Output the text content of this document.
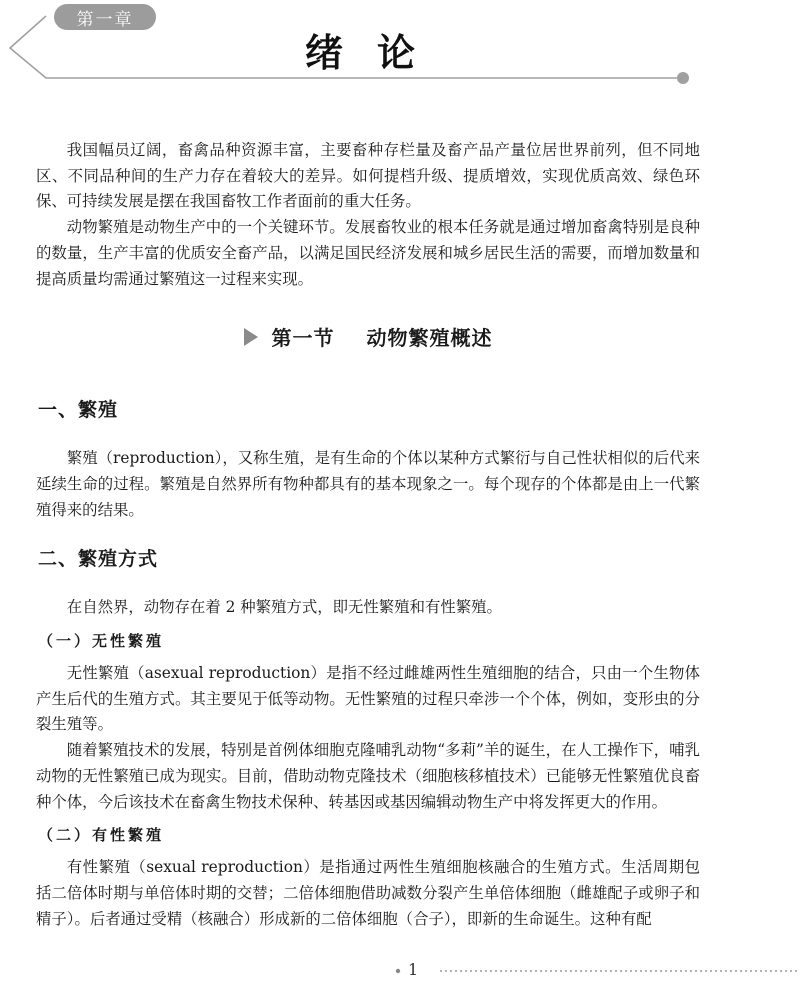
第一章
绪论

我国幅员辽阔，畜禽品种资源丰富，主要畜种存栏量及畜产品产量位居世界前列，但不同地区、不同品种间的生产力存在着较大的差异。如何提档升级、提质增效，实现优质高效、绿色环保、可持续发展是摆在我国畜牧工作者面前的重大任务。

动物繁殖是动物生产中的一个关键环节。发展畜牧业的根本任务就是通过增加畜禽特别是良种的数量，生产丰富的优质安全畜产品，以满足国民经济发展和城乡居民生活的需要，而增加数量和提高质量均需通过繁殖这一过程来实现。

第一节 动物繁殖概述
一、繁殖

繁殖（reproduction），又称生殖，是有生命的个体以某种方式繁衍与自己性状相似的后代来延续生命的过程。繁殖是自然界所有物种都具有的基本现象之一。每个现存的个体都是由上一代繁殖得来的结果。

二、繁殖方式

在自然界，动物存在着 2 种繁殖方式，即无性繁殖和有性繁殖。

（一）无性繁殖

无性繁殖（asexual reproduction）是指不经过雌雄两性生殖细胞的结合，只由一个生物体产生后代的生殖方式。其主要见于低等动物。无性繁殖的过程只牵涉一个个体，例如，变形虫的分裂生殖等。

随着繁殖技术的发展，特别是首例体细胞克隆哺乳动物“多莉”羊的诞生，在人工操作下，哺乳动物的无性繁殖已成为现实。目前，借助动物克隆技术（细胞核移植技术）已能够无性繁殖优良畜种个体，今后该技术在畜禽生物技术保种、转基因或基因编辑动物生产中将发挥更大的作用。

（二）有性繁殖

有性繁殖（sexual reproduction）是指通过两性生殖细胞核融合的生殖方式。生活周期包括二倍体时期与单倍体时期的交替；二倍体细胞借助减数分裂产生单倍体细胞（雌雄配子或卵子和精子）。后者通过受精（核融合）形成新的二倍体细胞（合子），即新的生命诞生。这种有配

1
